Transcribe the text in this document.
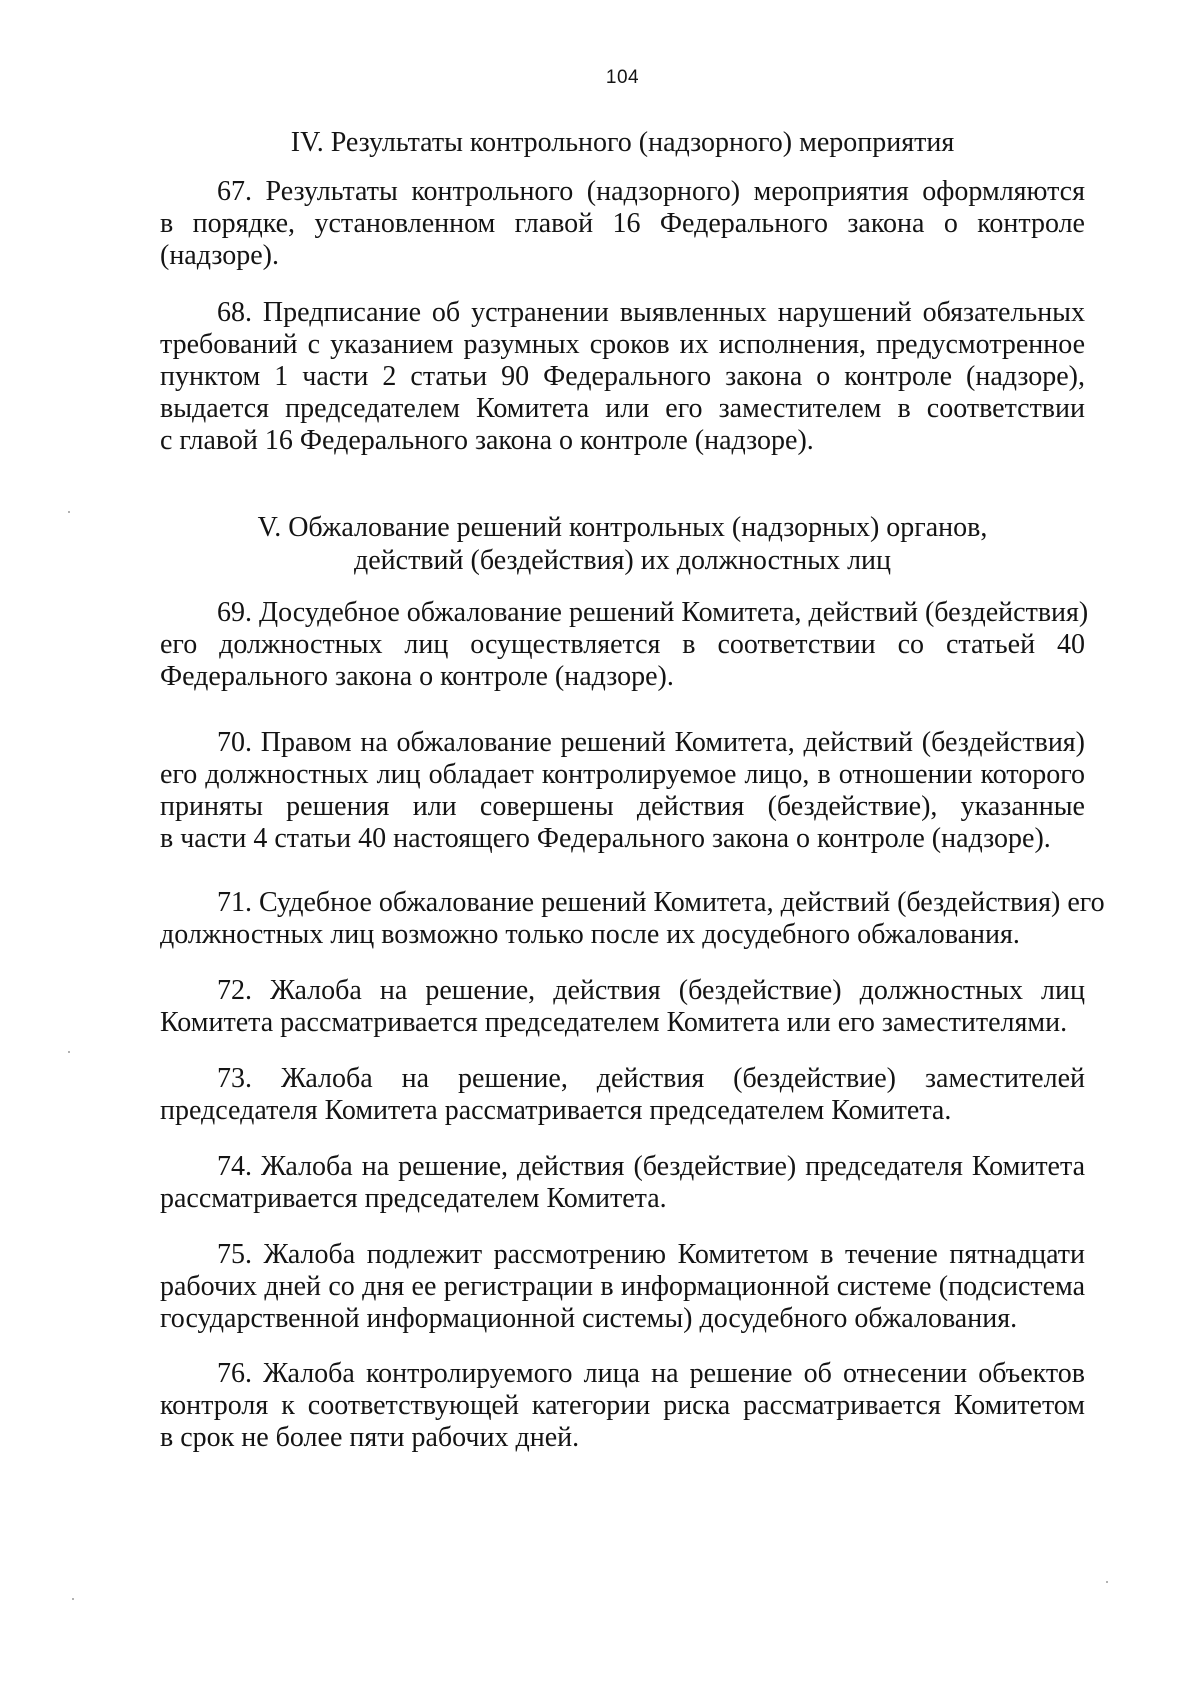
104
IV. Результаты контрольного (надзорного) мероприятия

67. Результаты контрольного (надзорного) мероприятия оформляются
в порядке, установленном главой 16 Федерального закона о контроле
(надзоре).

68. Предписание об устранении выявленных нарушений обязательных
требований с указанием разумных сроков их исполнения, предусмотренное
пунктом 1 части 2 статьи 90 Федерального закона о контроле (надзоре),
выдается председателем Комитета или его заместителем в соответствии
с главой 16 Федерального закона о контроле (надзоре).

V. Обжалование решений контрольных (надзорных) органов,
действий (бездействия) их должностных лиц

69. Досудебное обжалование решений Комитета, действий (бездействия)
его должностных лиц осуществляется в соответствии со статьей 40
Федерального закона о контроле (надзоре).

70. Правом на обжалование решений Комитета, действий (бездействия)
его должностных лиц обладает контролируемое лицо, в отношении которого
приняты решения или совершены действия (бездействие), указанные
в части 4 статьи 40 настоящего Федерального закона о контроле (надзоре).

71. Судебное обжалование решений Комитета, действий (бездействия) его
должностных лиц возможно только после их досудебного обжалования.

72. Жалоба на решение, действия (бездействие) должностных лиц
Комитета рассматривается председателем Комитета или его заместителями.

73. Жалоба на решение, действия (бездействие) заместителей
председателя Комитета рассматривается председателем Комитета.

74. Жалоба на решение, действия (бездействие) председателя Комитета
рассматривается председателем Комитета.

75. Жалоба подлежит рассмотрению Комитетом в течение пятнадцати
рабочих дней со дня ее регистрации в информационной системе (подсистема
государственной информационной системы) досудебного обжалования.

76. Жалоба контролируемого лица на решение об отнесении объектов
контроля к соответствующей категории риска рассматривается Комитетом
в срок не более пяти рабочих дней.
